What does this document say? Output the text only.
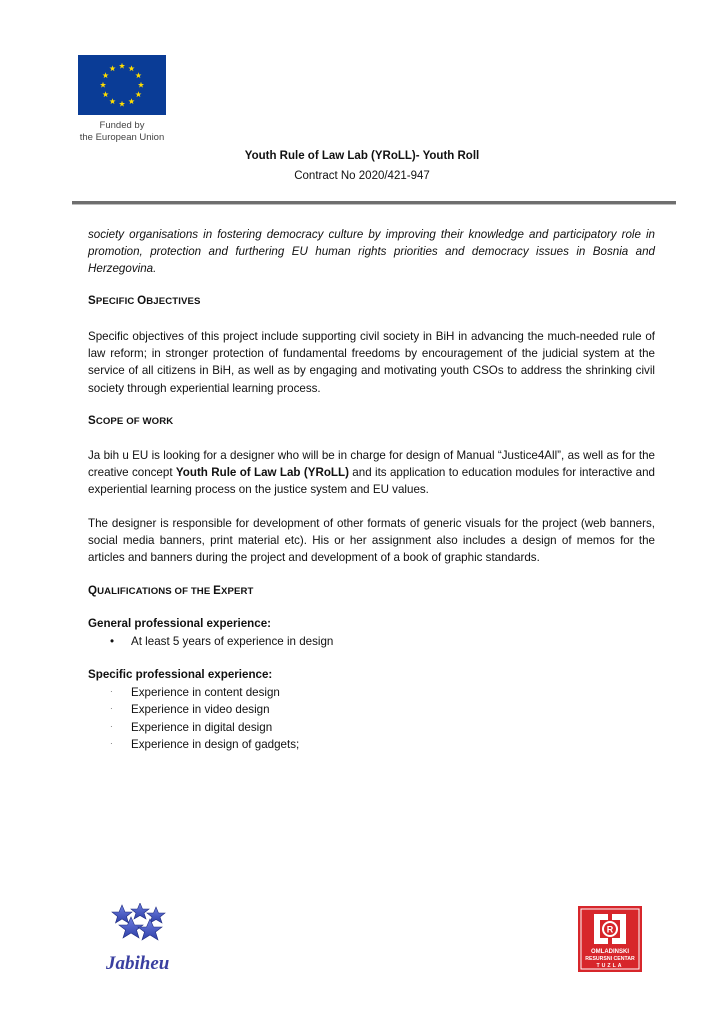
Funded by
the European Union
Youth Rule of Law Lab (YRoLL)- Youth Roll
Contract No 2020/421-947

society organisations in fostering democracy culture by improving their knowledge and participatory role in promotion, protection and furthering EU human rights priorities and democracy issues in Bosnia and Herzegovina.

SPECIFIC OBJECTIVES

Specific objectives of this project include supporting civil society in BiH in advancing the much-needed rule of law reform; in stronger protection of fundamental freedoms by encouragement of the judicial system at the service of all citizens in BiH, as well as by engaging and motivating youth CSOs to address the shrinking civil society through experiential learning process.

SCOPE OF WORK

Ja bih u EU is looking for a designer who will be in charge for design of Manual “Justice4All”, as well as for the creative concept Youth Rule of Law Lab (YRoLL) and its application to education modules for interactive and experiential learning process on the justice system and EU values.

The designer is responsible for development of other formats of generic visuals for the project (web banners, social media banners, print material etc). His or her assignment also includes a design of memos for the articles and banners during the project and development of a book of graphic standards.

QUALIFICATIONS OF THE EXPERT

General professional experience:

• At least 5 years of experience in design

Specific professional experience:

· Experience in content design
· Experience in video design
· Experience in digital design
· Experience in design of gadgets;
Jabiheu
R
OMLADINSKI
RESURSNI CENTAR
TUZLA
